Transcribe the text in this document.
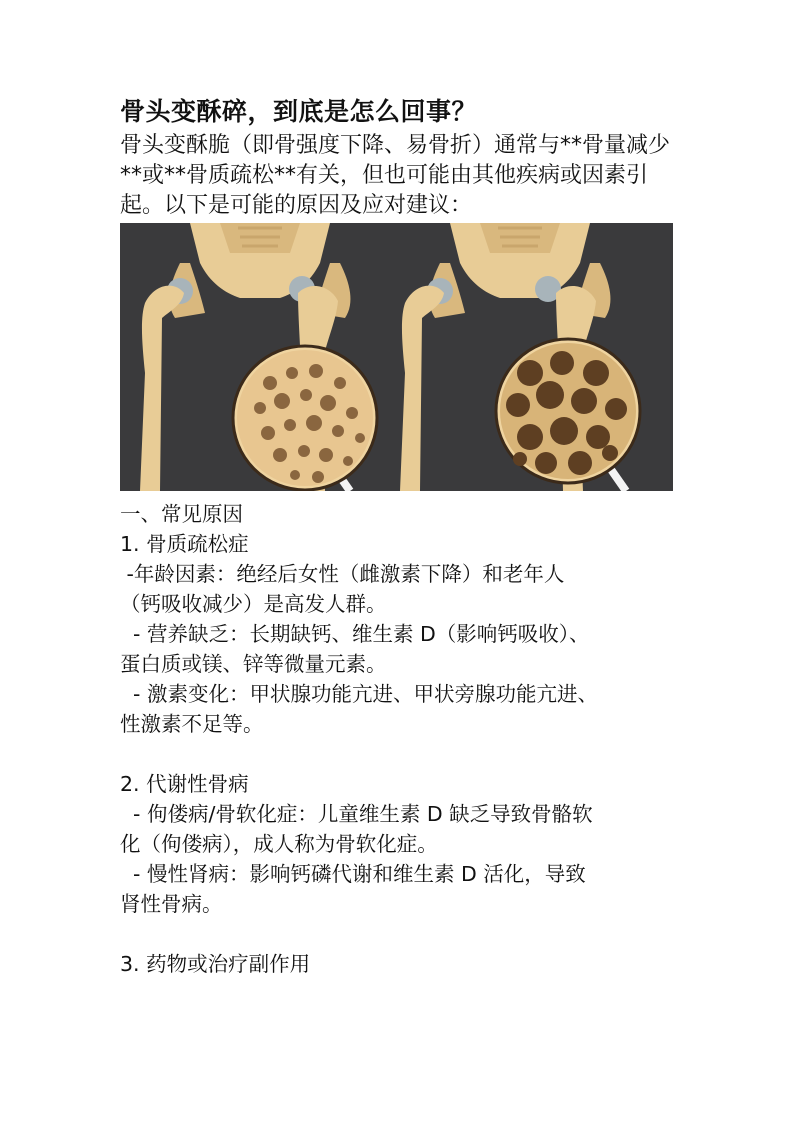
骨头变酥碎，到底是怎么回事？

骨头变酥脆（即骨强度下降、易骨折）通常与**骨量减少**或**骨质疏松**有关，但也可能由其他疾病或因素引起。以下是可能的原因及应对建议：

一、常见原因

1. 骨质疏松症

-年龄因素：绝经后女性（雌激素下降）和老年人

（钙吸收减少）是高发人群。

- 营养缺乏：长期缺钙、维生素 D（影响钙吸收）、

蛋白质或镁、锌等微量元素。

- 激素变化：甲状腺功能亢进、甲状旁腺功能亢进、

性激素不足等。

2. 代谢性骨病

- 佝偻病/骨软化症：儿童维生素 D 缺乏导致骨骼软

化（佝偻病），成人称为骨软化症。

- 慢性肾病：影响钙磷代谢和维生素 D 活化，导致

肾性骨病。

3. 药物或治疗副作用
